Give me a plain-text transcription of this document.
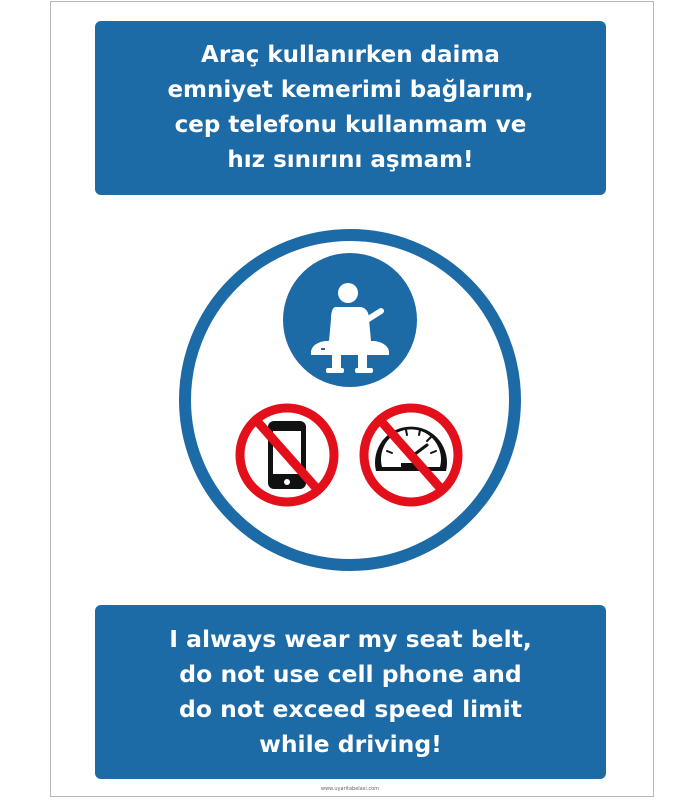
Araç kullanırken daima
emniyet kemerimi bağlarım,
cep telefonu kullanmam ve
hız sınırını aşmam!
I always wear my seat belt,
do not use cell phone and
do not exceed speed limit
while driving!
www.uyaritabelasi.com
